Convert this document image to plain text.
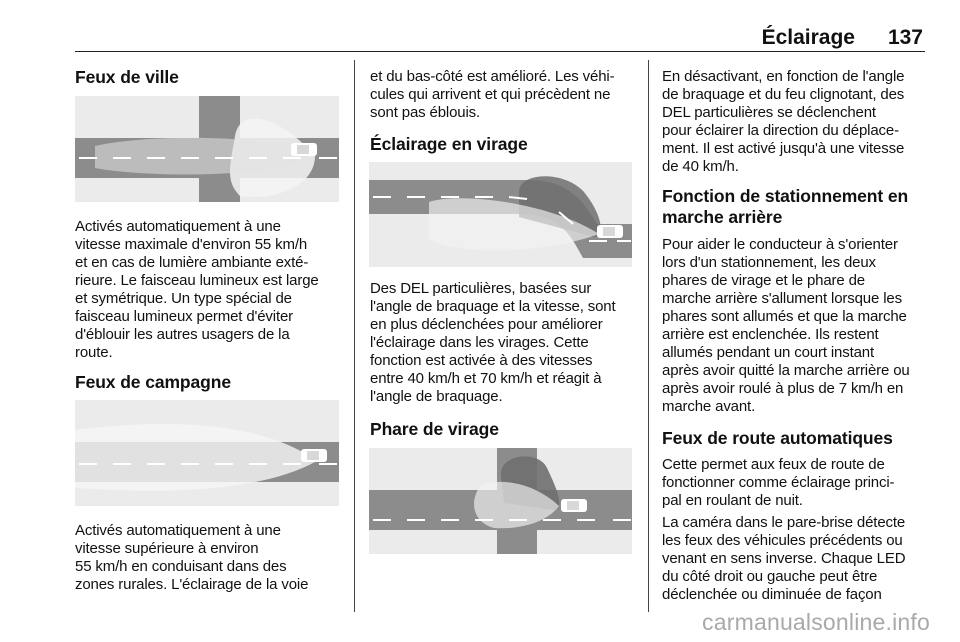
Éclairage 137
Feux de ville

Activés automatiquement à une

vitesse maximale d'environ 55 km/h

et en cas de lumière ambiante exté-

rieure. Le faisceau lumineux est large

et symétrique. Un type spécial de

faisceau lumineux permet d'éviter

d'éblouir les autres usagers de la

route.

Feux de campagne

Activés automatiquement à une

vitesse supérieure à environ

55 km/h en conduisant dans des

zones rurales. L'éclairage de la voie

et du bas-côté est amélioré. Les véhi-

cules qui arrivent et qui précèdent ne

sont pas éblouis.

Éclairage en virage

Des DEL particulières, basées sur

l'angle de braquage et la vitesse, sont

en plus déclenchées pour améliorer

l'éclairage dans les virages. Cette

fonction est activée à des vitesses

entre 40 km/h et 70 km/h et réagit à

l'angle de braquage.

Phare de virage

En désactivant, en fonction de l'angle

de braquage et du feu clignotant, des

DEL particulières se déclenchent

pour éclairer la direction du déplace-

ment. Il est activé jusqu'à une vitesse

de 40 km/h.

Fonction de stationnement en
marche arrière

Pour aider le conducteur à s'orienter

lors d'un stationnement, les deux

phares de virage et le phare de

marche arrière s'allument lorsque les

phares sont allumés et que la marche

arrière est enclenchée. Ils restent

allumés pendant un court instant

après avoir quitté la marche arrière ou

après avoir roulé à plus de 7 km/h en

marche avant.

Feux de route automatiques

Cette permet aux feux de route de

fonctionner comme éclairage princi-

pal en roulant de nuit.

La caméra dans le pare-brise détecte

les feux des véhicules précédents ou

venant en sens inverse. Chaque LED

du côté droit ou gauche peut être

déclenchée ou diminuée de façon

carmanualsonline.info
